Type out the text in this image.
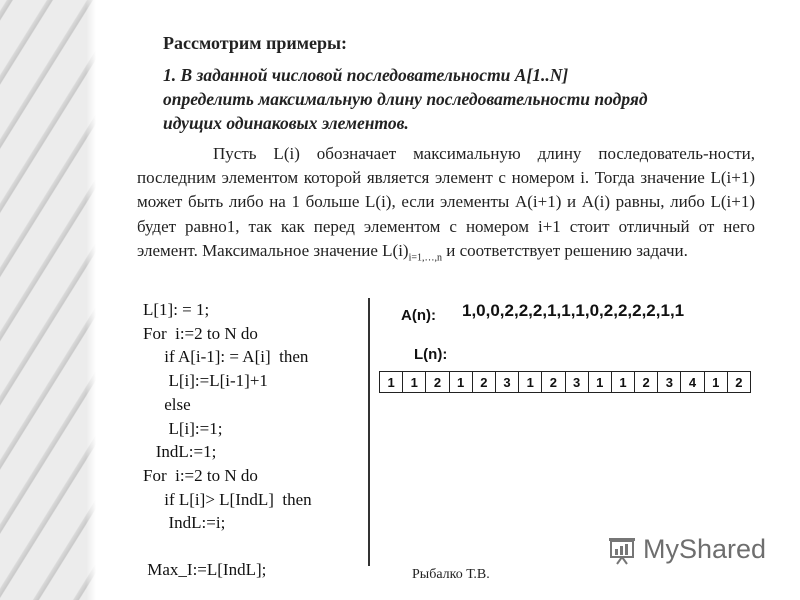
Рассмотрим примеры:
1. В заданной числовой последовательности A[1..N]
определить максимальную длину последовательности подряд
идущих одинаковых элементов.
Пусть L(i) обозначает максимальную длину последователь-ности, последним элементом которой является элемент с номером i. Тогда значение L(i+1) может быть либо на 1 больше L(i), если элементы A(i+1) и A(i) равны, либо L(i+1) будет равно1, так как перед элементом с номером i+1 стоит отличный от него элемент. Максимальное значение $L(i)_{i=1,\dots,n}$ и соответствует решению задачи.
L[1]: = 1;
For  i:=2 to N do
if A[i-1]: = A[i]  then
L[i]:=L[i-1]+1
else
L[i]:=1;
IndL:=1;
For  i:=2 to N do
if L[i]> L[IndL]  then
IndL:=i;
Max_I:=L[IndL];
A(n): 1,0,0,2,2,2,1,1,1,0,2,2,2,2,1,1
L(n):
1	1	2	1	2	3	1	2	3	1	1	2	3	4	1	2
Рыбалко Т.В.
MyShared
